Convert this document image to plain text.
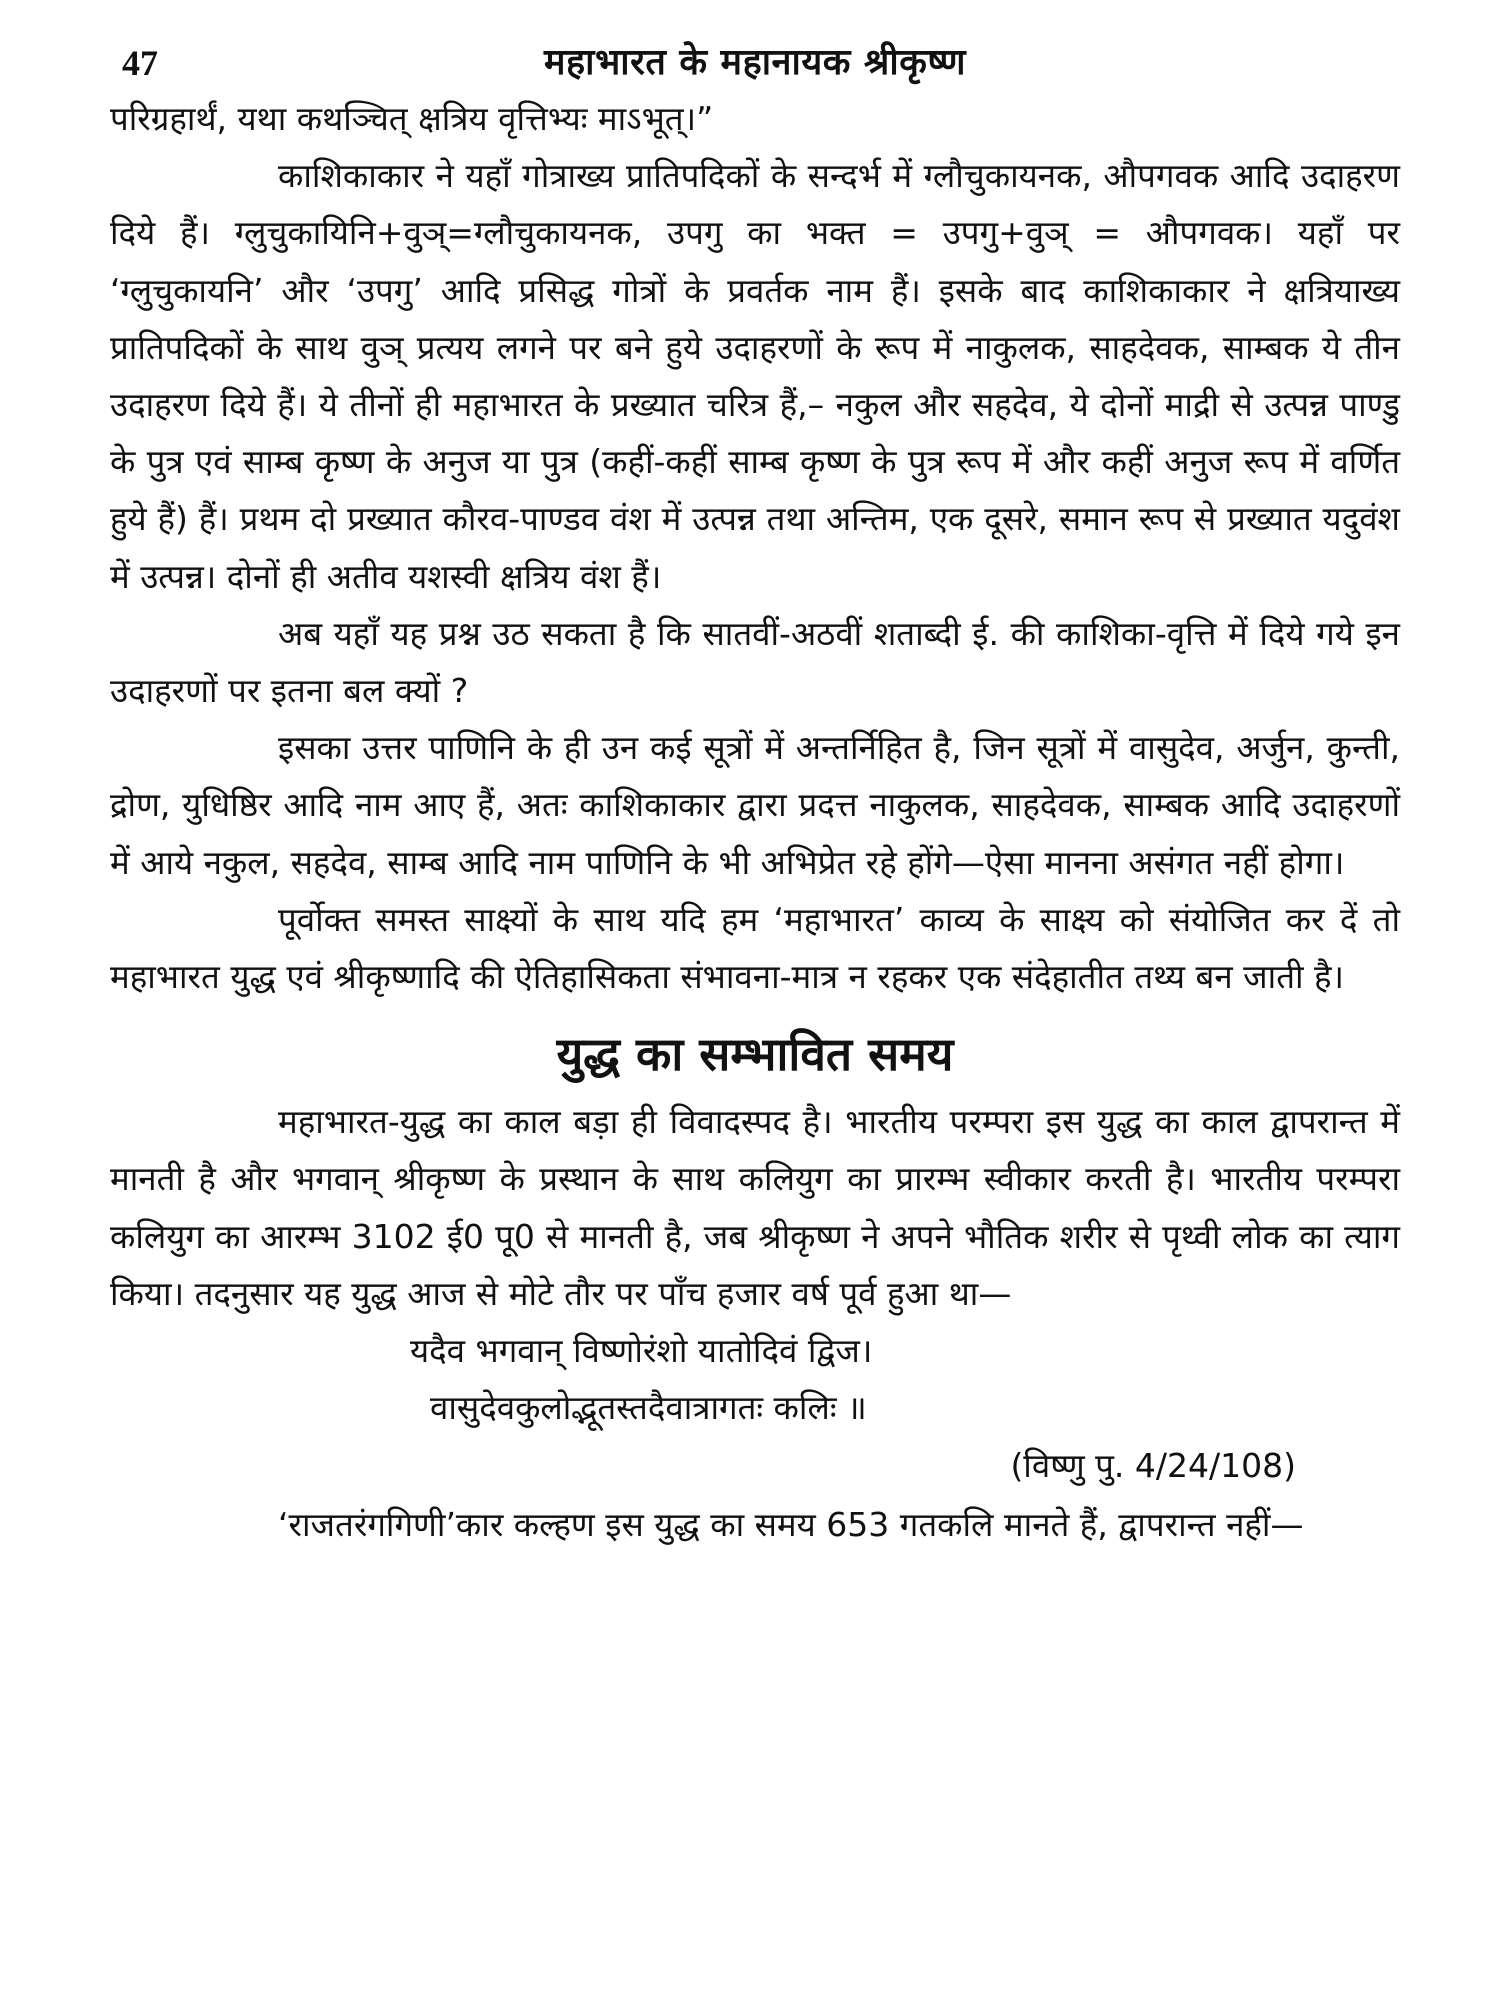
47	महाभारत के महानायक श्रीकृष्ण

परिग्रहार्थं, यथा कथञ्चित् क्षत्रिय वृत्तिभ्यः माऽभूत्।”

काशिकाकार ने यहाँ गोत्राख्य प्रातिपदिकों के सन्दर्भ में ग्लौचुकायनक, औपगवक आदि उदाहरण दिये हैं। ग्लुचुकायिनि+वुञ्=ग्लौचुकायनक, उपगु का भक्त = उपगु+वुञ् = औपगवक। यहाँ पर ‘ग्लुचुकायनि’ और ‘उपगु’ आदि प्रसिद्ध गोत्रों के प्रवर्तक नाम हैं। इसके बाद काशिकाकार ने क्षत्रियाख्य प्रातिपदिकों के साथ वुञ् प्रत्यय लगने पर बने हुये उदाहरणों के रूप में नाकुलक, साहदेवक, साम्बक ये तीन उदाहरण दिये हैं। ये तीनों ही महाभारत के प्रख्यात चरित्र हैं,– नकुल और सहदेव, ये दोनों माद्री से उत्पन्न पाण्डु के पुत्र एवं साम्ब कृष्ण के अनुज या पुत्र (कहीं-कहीं साम्ब कृष्ण के पुत्र रूप में और कहीं अनुज रूप में वर्णित हुये हैं) हैं। प्रथम दो प्रख्यात कौरव-पाण्डव वंश में उत्पन्न तथा अन्तिम, एक दूसरे, समान रूप से प्रख्यात यदुवंश में उत्पन्न। दोनों ही अतीव यशस्वी क्षत्रिय वंश हैं।

अब यहाँ यह प्रश्न उठ सकता है कि सातवीं-अठवीं शताब्दी ई. की काशिका-वृत्ति में दिये गये इन उदाहरणों पर इतना बल क्यों ?

इसका उत्तर पाणिनि के ही उन कई सूत्रों में अन्तर्निहित है, जिन सूत्रों में वासुदेव, अर्जुन, कुन्ती, द्रोण, युधिष्ठिर आदि नाम आए हैं, अतः काशिकाकार द्वारा प्रदत्त नाकुलक, साहदेवक, साम्बक आदि उदाहरणों में आये नकुल, सहदेव, साम्ब आदि नाम पाणिनि के भी अभिप्रेत रहे होंगे—ऐसा मानना असंगत नहीं होगा।

पूर्वोक्त समस्त साक्ष्यों के साथ यदि हम ‘महाभारत’ काव्य के साक्ष्य को संयोजित कर दें तो महाभारत युद्ध एवं श्रीकृष्णादि की ऐतिहासिकता संभावना-मात्र न रहकर एक संदेहातीत तथ्य बन जाती है।

युद्ध का सम्भावित समय

महाभारत-युद्ध का काल बड़ा ही विवादस्पद है। भारतीय परम्परा इस युद्ध का काल द्वापरान्त में मानती है और भगवान् श्रीकृष्ण के प्रस्थान के साथ कलियुग का प्रारम्भ स्वीकार करती है। भारतीय परम्परा कलियुग का आरम्भ 3102 ई0 पू0 से मानती है, जब श्रीकृष्ण ने अपने भौतिक शरीर से पृथ्वी लोक का त्याग किया। तदनुसार यह युद्ध आज से मोटे तौर पर पाँच हजार वर्ष पूर्व हुआ था—

यदैव भगवान् विष्णोरंशो यातोदिवं द्विज।

वासुदेवकुलोद्भूतस्तदैवात्रागतः कलिः ॥

(विष्णु पु. 4/24/108)

‘राजतरंगगिणी’कार कल्हण इस युद्ध का समय 653 गतकलि मानते हैं, द्वापरान्त नहीं—
